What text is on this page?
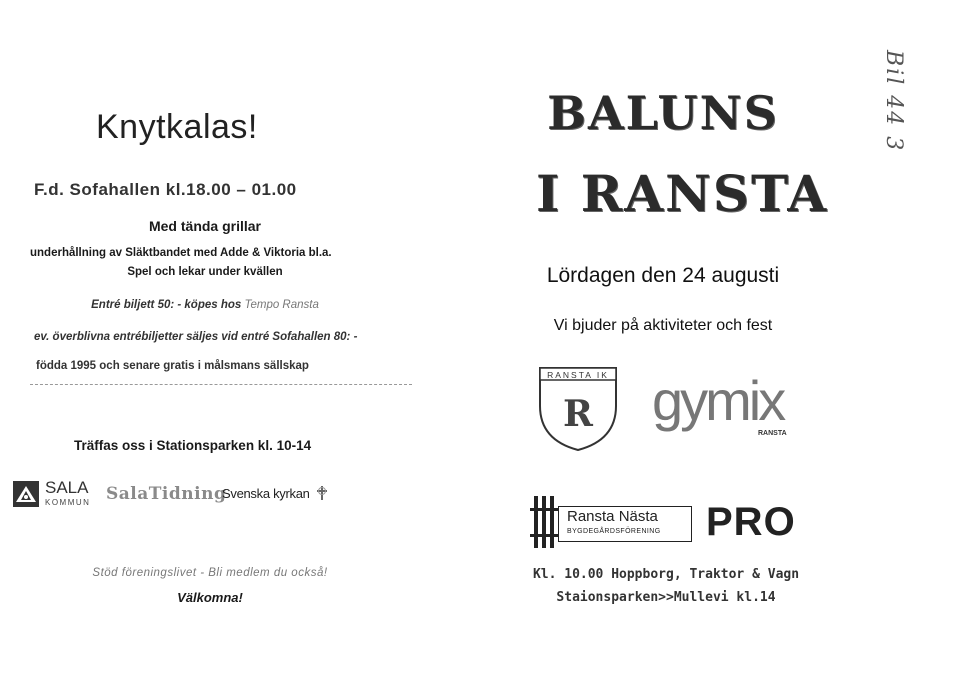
Knytkalas!
F.d. Sofahallen kl.18.00 – 01.00
Med tända grillar
underhållning av Släktbandet med Adde & Viktoria bl.a.
Spel och lekar under kvällen
Entré biljett 50: - köpes hos Tempo Ransta
ev. överblivna entrébiljetter säljes vid entré Sofahallen 80: -
födda 1995 och senare gratis i målsmans sällskap
Träffas oss i Stationsparken kl. 10-14
SALA
KOMMUN SalaTidning
Svenska kyrkan
Stöd föreningslivet - Bli medlem du också!
Välkomna!
BALUNS
I RANSTA
Lördagen den 24 augusti
Vi bjuder på aktiviteter och fest
RANSTA IK
R gymix
RANSTA
Ransta Nästa
BYGDEGÅRDSFÖRENING PRO
Kl. 10.00 Hoppborg, Traktor & Vagn
Staionsparken>>Mullevi kl.14
Bil 44 3
